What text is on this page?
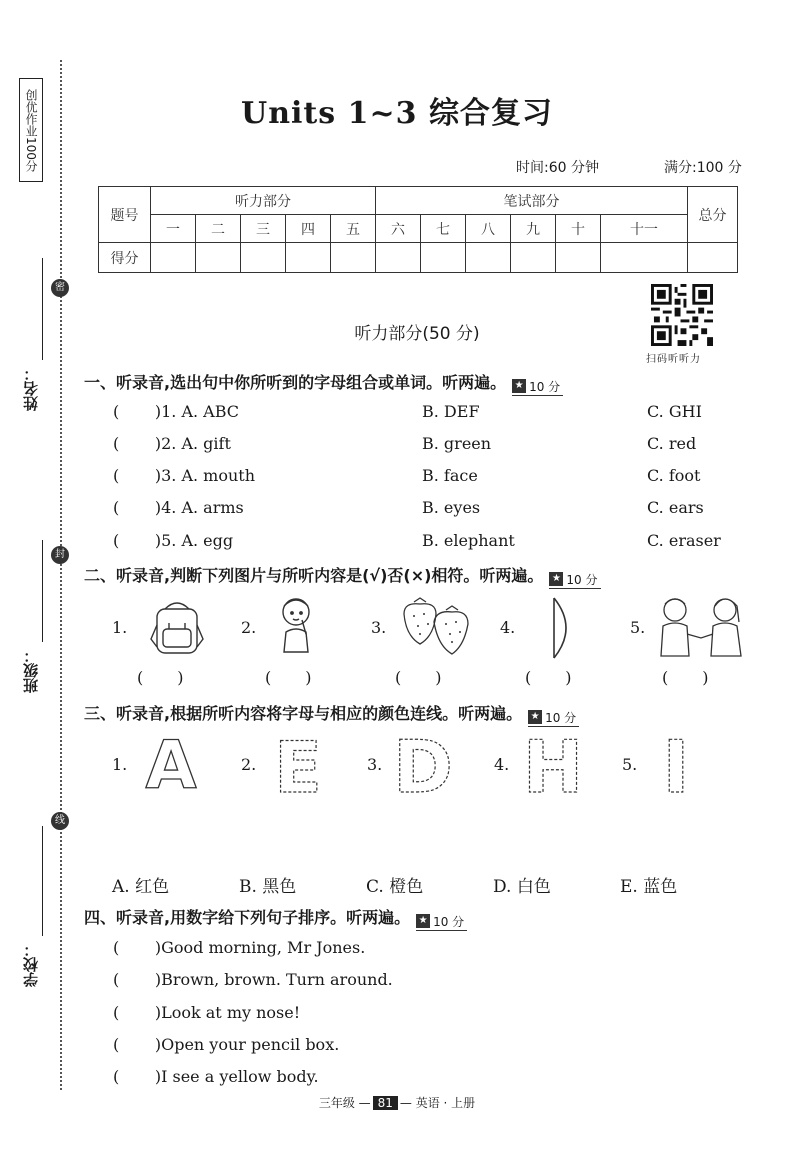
创优作业100分
密
封
线
姓名：
班级：
学校：
Units 1~3 综合复习
时间:60 分钟	满分:100 分
题号	听力部分					笔试部分						总分
	一	二	三	四	五	六	七	八	九	十	十一	
得分												
扫码听听力
听力部分(50 分)
一、听录音,选出句中你所听到的字母组合或单词。听两遍。 ★ 10 分
(       )1. A. ABC	B. DEF	C. GHI
(       )2. A. gift	B. green	C. red
(       )3. A. mouth	B. face	C. foot
(       )4. A. arms	B. eyes	C. ears
(       )5. A. egg	B. elephant	C. eraser
二、听录音,判断下列图片与所听内容是(√)否(×)相符。听两遍。 ★ 10 分
1.	2.	3.	4.	5.
()	()	()	()	()
三、听录音,根据所听内容将字母与相应的颜色连线。听两遍。 ★ 10 分
1. A	2. E	3. D	4. H 5. I
A. 红色	B. 黑色	C. 橙色	D. 白色	E. 蓝色
四、听录音,用数字给下列句子排序。听两遍。 ★ 10 分
(       )Good morning, Mr Jones.
(       )Brown, brown. Turn around.
(       )Look at my nose!
(       )Open your pencil box.
(       )I see a yellow body.
三年级 — 81 — 英语 · 上册
